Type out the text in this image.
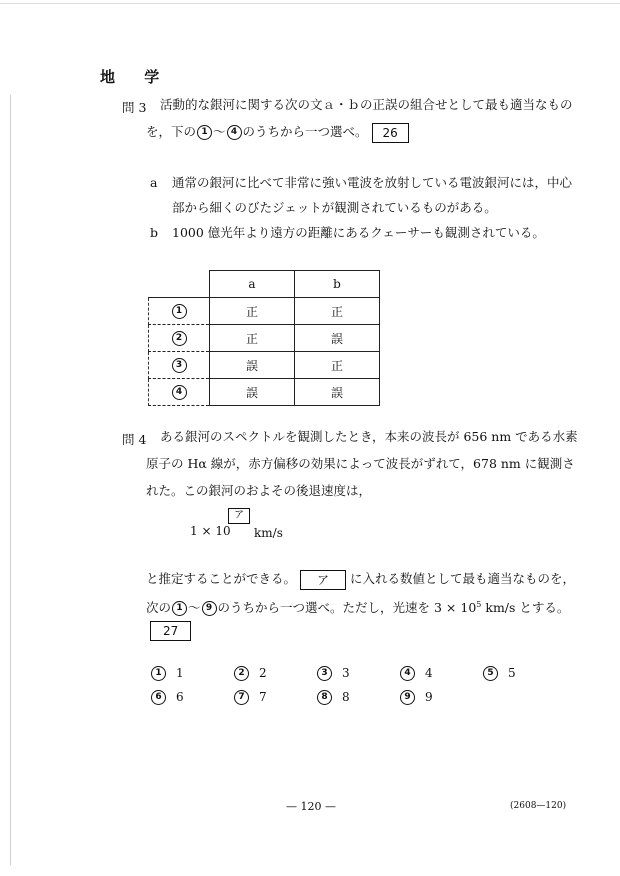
地 学
問 3 活動的な銀河に関する次の文ａ・ｂの正誤の組合せとして最も適当なもの
を，下の 1 ～ 4 のうちから一つ選べ。 26
a 通常の銀河に比べて非常に強い電波を放射している電波銀河には，中心
部から細くのびたジェットが観測されているものがある。
b 1000 億光年より遠方の距離にあるクェーサーも観測されている。
	a	b
1	正	正
2	正	誤
3	誤	正
4	誤	誤
問 4 ある銀河のスペクトルを観測したとき，本来の波長が 656 nm である水素
原子の Hα 線が，赤方偏移の効果によって波長がずれて，678 nm に観測さ
れた。この銀河のおよその後退速度は，
1 × 10
ア
km/s
と推定することができる。 ア に入れる数値として最も適当なものを，
次の 1 ～ 9 のうちから一つ選べ。ただし，光速を $3 \times 10^5$ km/s とする。
27
1 1	2 2	3 3	4 4	5 5
6 6	7 7	8 8	9 9
— 120 —	(2608—120)
